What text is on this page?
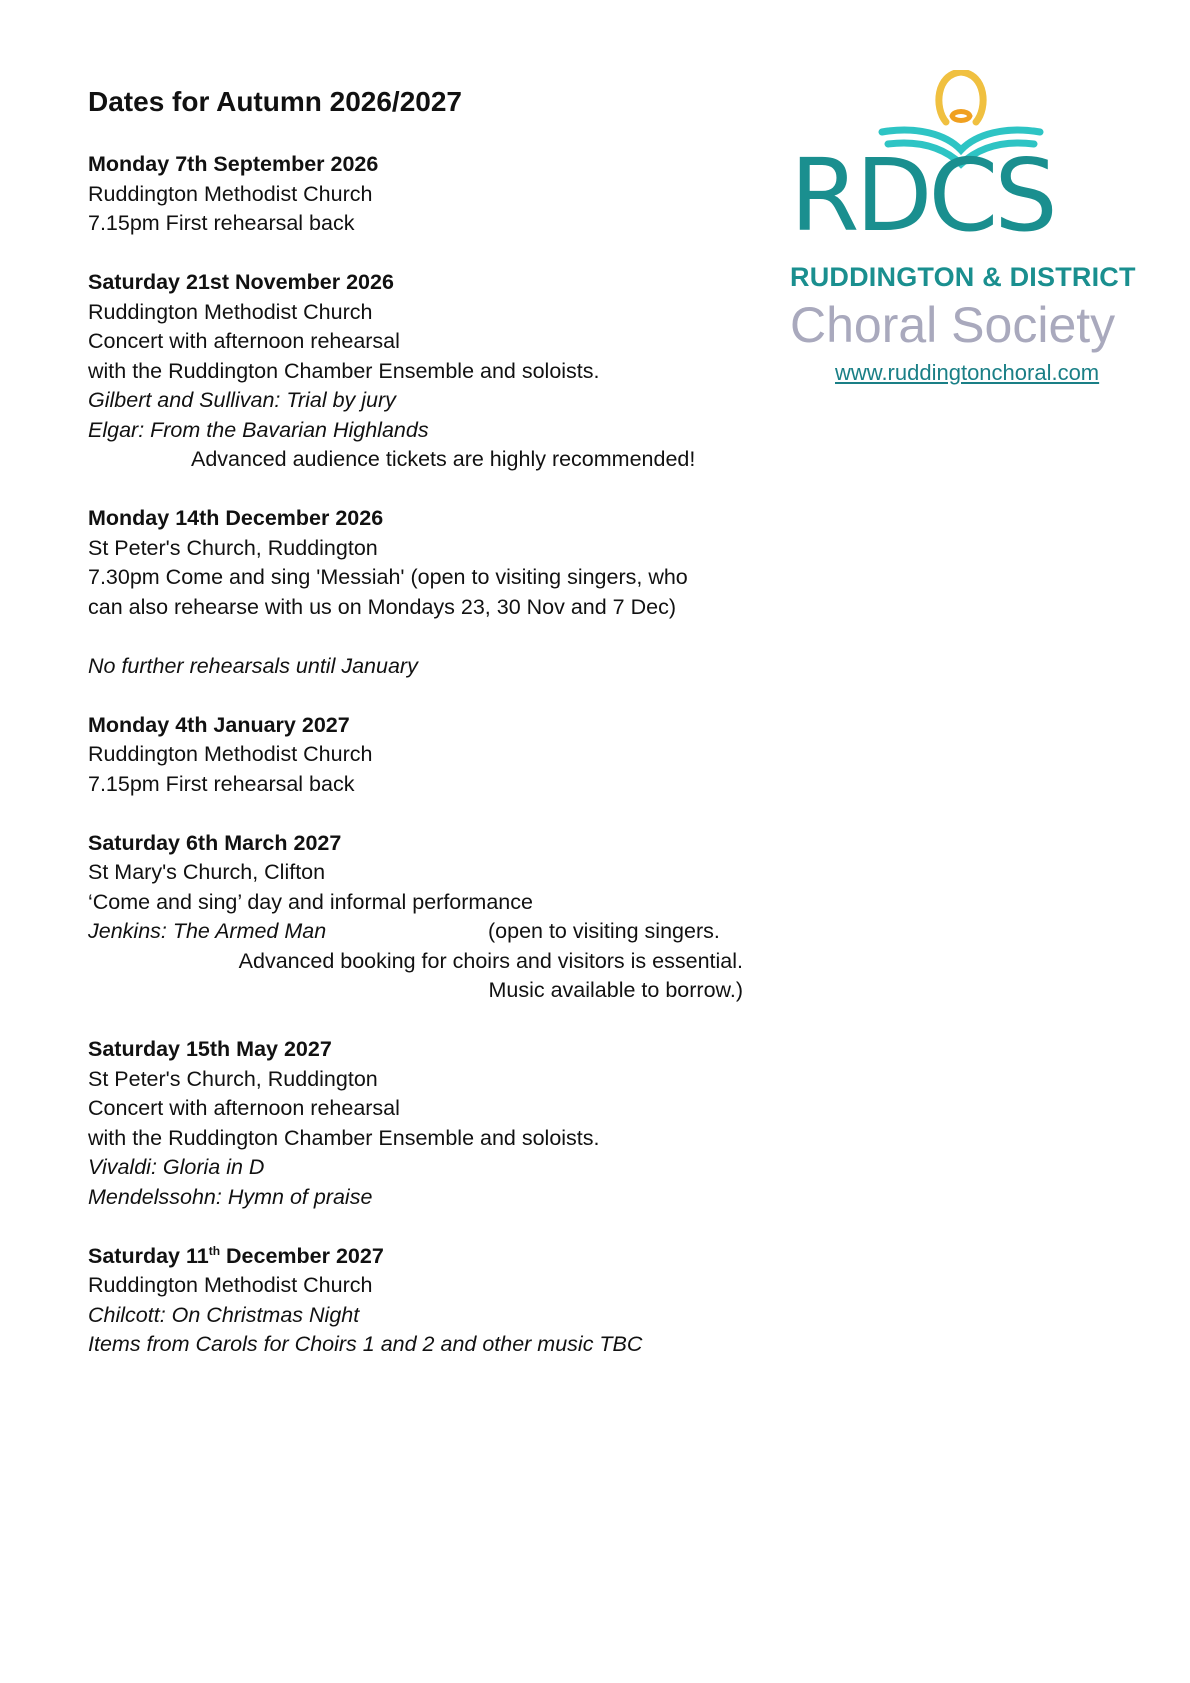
Dates for Autumn 2026/2027
Monday 7th September 2026
Ruddington Methodist Church
7.15pm First rehearsal back
Saturday 21st November 2026
Ruddington Methodist Church
Concert with afternoon rehearsal
with the Ruddington Chamber Ensemble and soloists.
Gilbert and Sullivan: Trial by jury
Elgar: From the Bavarian Highlands
Advanced audience tickets are highly recommended!
Monday 14th December 2026
St Peter's Church, Ruddington
7.30pm Come and sing 'Messiah' (open to visiting singers, who
can also rehearse with us on Mondays 23, 30 Nov and 7 Dec)
No further rehearsals until January
Monday 4th January 2027
Ruddington Methodist Church
7.15pm First rehearsal back
Saturday 6th March 2027
St Mary's Church, Clifton
‘Come and sing’ day and informal performance
Jenkins: The Armed Man	(open to visiting singers.
Advanced booking for choirs and visitors is essential.
Music available to borrow.)
Saturday 15th May 2027
St Peter's Church, Ruddington
Concert with afternoon rehearsal
with the Ruddington Chamber Ensemble and soloists.
Vivaldi: Gloria in D
Mendelssohn: Hymn of praise
Saturday 11th December 2027
Ruddington Methodist Church
Chilcott: On Christmas Night
Items from Carols for Choirs 1 and 2 and other music TBC
RDCS
RUDDINGTON & DISTRICT
Choral Society
www.ruddingtonchoral.com
